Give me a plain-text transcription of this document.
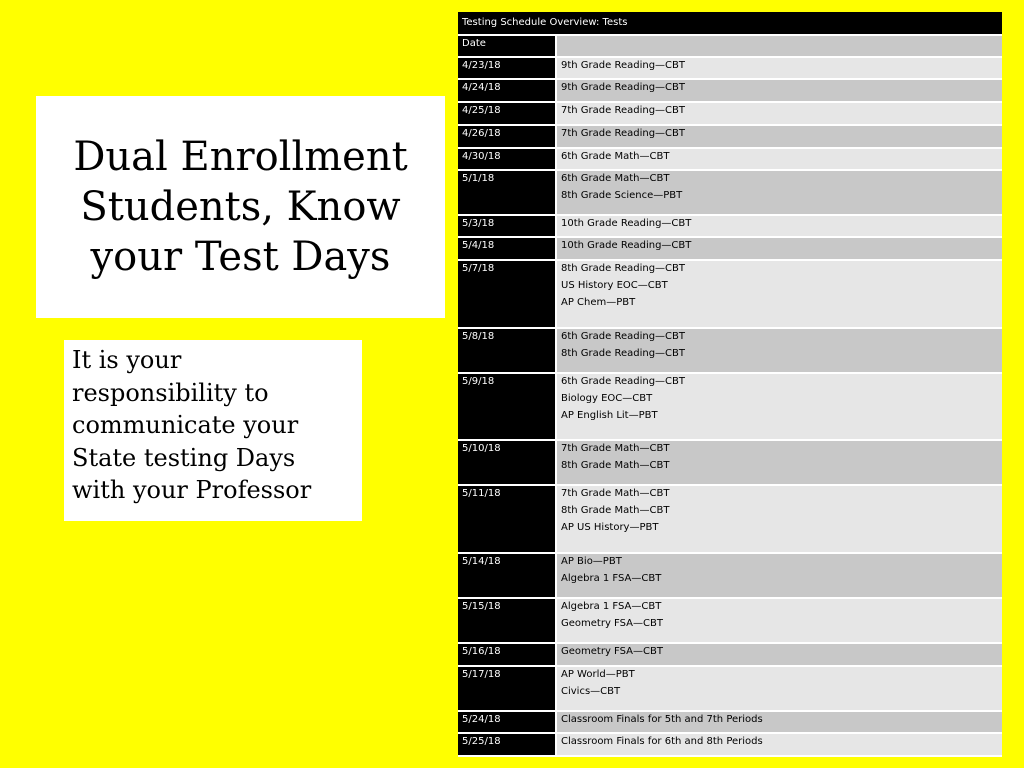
Dual Enrollment Students, Know your Test Days

It is your
responsibility to
communicate your
State testing Days
with your Professor

Testing Schedule Overview: Tests	
Date	
4/23/18	9th Grade Reading—CBT

4/24/18	9th Grade Reading—CBT

4/25/18	7th Grade Reading—CBT

4/26/18	7th Grade Reading—CBT

4/30/18	6th Grade Math—CBT

5/1/18	6th Grade Math—CBT
8th Grade Science—PBT

5/3/18	10th Grade Reading—CBT

5/4/18	10th Grade Reading—CBT

5/7/18	8th Grade Reading—CBT
US History EOC—CBT
AP Chem—PBT

5/8/18	6th Grade Reading—CBT
8th Grade Reading—CBT

5/9/18	6th Grade Reading—CBT
Biology EOC—CBT
AP English Lit—PBT

5/10/18	7th Grade Math—CBT
8th Grade Math—CBT

5/11/18	7th Grade Math—CBT
8th Grade Math—CBT
AP US History—PBT

5/14/18	AP Bio—PBT
Algebra 1 FSA—CBT

5/15/18	Algebra 1 FSA—CBT
Geometry FSA—CBT

5/16/18	Geometry FSA—CBT

5/17/18	AP World—PBT
Civics—CBT

5/24/18	Classroom Finals for 5th and 7th Periods

5/25/18	Classroom Finals for 6th and 8th Periods
